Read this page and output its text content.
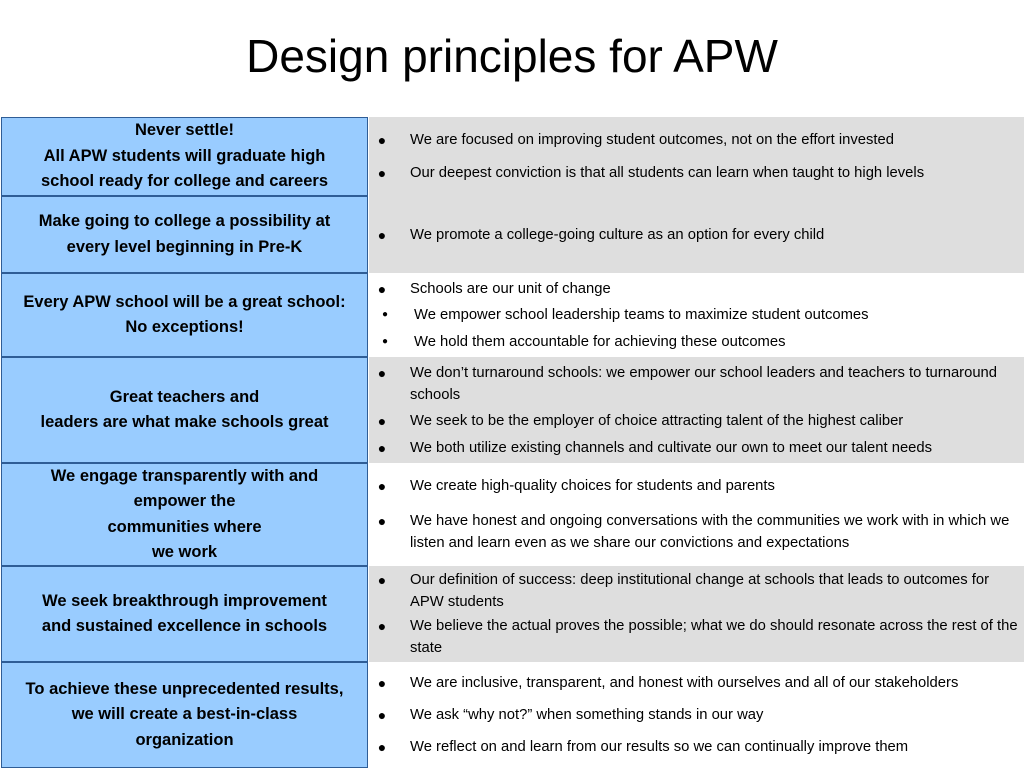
Design principles for APW
Never settle!
All APW students will graduate high
school ready for college and careers
● We are focused on improving student outcomes, not on the effort invested
● Our deepest conviction is that all students can learn when taught to high levels
Make going to college a possibility at
every level beginning in Pre-K
● We promote a college-going culture as an option for every child
Every APW school will be a great school:
No exceptions!
● Schools are our unit of change
● We empower school leadership teams to maximize student outcomes
● We hold them accountable for achieving these outcomes
Great teachers and
leaders are what make schools great
● We don’t turnaround schools: we empower our school leaders and teachers to turnaround schools
● We seek to be the employer of choice attracting talent of the highest caliber
● We both utilize existing channels and cultivate our own to meet our talent needs
We engage transparently with and
empower the
communities where
we work
● We create high-quality choices for students and parents
● We have honest and ongoing conversations with the communities we work with in which we listen and learn even as we share our convictions and expectations
We seek breakthrough improvement
and sustained excellence in schools
● Our definition of success: deep institutional change at schools that leads to outcomes for APW students
● We believe the actual proves the possible; what we do should resonate across the rest of the state
To achieve these unprecedented results,
we will create a best-in-class
organization
● We are inclusive, transparent, and honest with ourselves and all of our stakeholders
● We ask “why not?” when something stands in our way
● We reflect on and learn from our results so we can continually improve them
